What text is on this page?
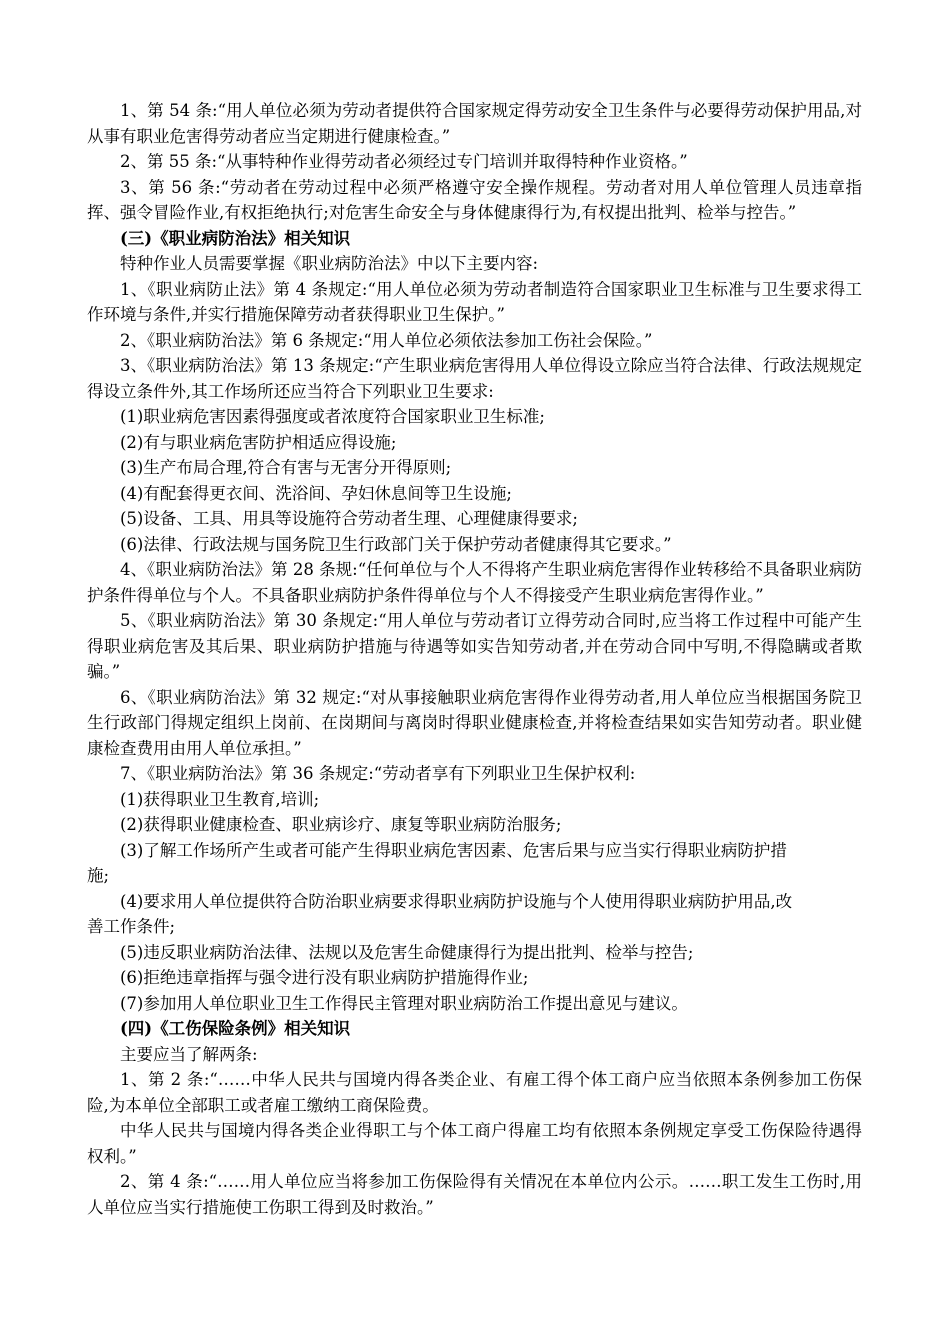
1、第 54 条:“用人单位必须为劳动者提供符合国家规定得劳动安全卫生条件与必要得劳动保护用品,对从事有职业危害得劳动者应当定期进行健康检查。”

2、第 55 条:“从事特种作业得劳动者必须经过专门培训并取得特种作业资格。”

3、第 56 条:“劳动者在劳动过程中必须严格遵守安全操作规程。劳动者对用人单位管理人员违章指挥、强令冒险作业,有权拒绝执行;对危害生命安全与身体健康得行为,有权提出批判、检举与控告。”

(三)《职业病防治法》相关知识

特种作业人员需要掌握《职业病防治法》中以下主要内容:

1、《职业病防止法》第 4 条规定:“用人单位必须为劳动者制造符合国家职业卫生标准与卫生要求得工作环境与条件,并实行措施保障劳动者获得职业卫生保护。”

2、《职业病防治法》第 6 条规定:“用人单位必须依法参加工伤社会保险。”

3、《职业病防治法》第 13 条规定:“产生职业病危害得用人单位得设立除应当符合法律、行政法规规定得设立条件外,其工作场所还应当符合下列职业卫生要求:

(1)职业病危害因素得强度或者浓度符合国家职业卫生标准;

(2)有与职业病危害防护相适应得设施;

(3)生产布局合理,符合有害与无害分开得原则;

(4)有配套得更衣间、洗浴间、孕妇休息间等卫生设施;

(5)设备、工具、用具等设施符合劳动者生理、心理健康得要求;

(6)法律、行政法规与国务院卫生行政部门关于保护劳动者健康得其它要求。”

4、《职业病防治法》第 28 条规:“任何单位与个人不得将产生职业病危害得作业转移给不具备职业病防护条件得单位与个人。不具备职业病防护条件得单位与个人不得接受产生职业病危害得作业。”

5、《职业病防治法》第 30 条规定:“用人单位与劳动者订立得劳动合同时,应当将工作过程中可能产生得职业病危害及其后果、职业病防护措施与待遇等如实告知劳动者,并在劳动合同中写明,不得隐瞒或者欺骗。”

6、《职业病防治法》第 32 规定:“对从事接触职业病危害得作业得劳动者,用人单位应当根据国务院卫生行政部门得规定组织上岗前、在岗期间与离岗时得职业健康检查,并将检查结果如实告知劳动者。职业健康检查费用由用人单位承担。”

7、《职业病防治法》第 36 条规定:“劳动者享有下列职业卫生保护权利:

(1)获得职业卫生教育,培训;

(2)获得职业健康检查、职业病诊疗、康复等职业病防治服务;

(3)了解工作场所产生或者可能产生得职业病危害因素、危害后果与应当实行得职业病防护措施;

(4)要求用人单位提供符合防治职业病要求得职业病防护设施与个人使用得职业病防护用品,改善工作条件;

(5)违反职业病防治法律、法规以及危害生命健康得行为提出批判、检举与控告;

(6)拒绝违章指挥与强令进行没有职业病防护措施得作业;

(7)参加用人单位职业卫生工作得民主管理对职业病防治工作提出意见与建议。

(四)《工伤保险条例》相关知识

主要应当了解两条:

1、第 2 条:“……中华人民共与国境内得各类企业、有雇工得个体工商户应当依照本条例参加工伤保险,为本单位全部职工或者雇工缴纳工商保险费。

中华人民共与国境内得各类企业得职工与个体工商户得雇工均有依照本条例规定享受工伤保险待遇得权利。”

2、第 4 条:“……用人单位应当将参加工伤保险得有关情况在本单位内公示。……职工发生工伤时,用人单位应当实行措施使工伤职工得到及时救治。”
